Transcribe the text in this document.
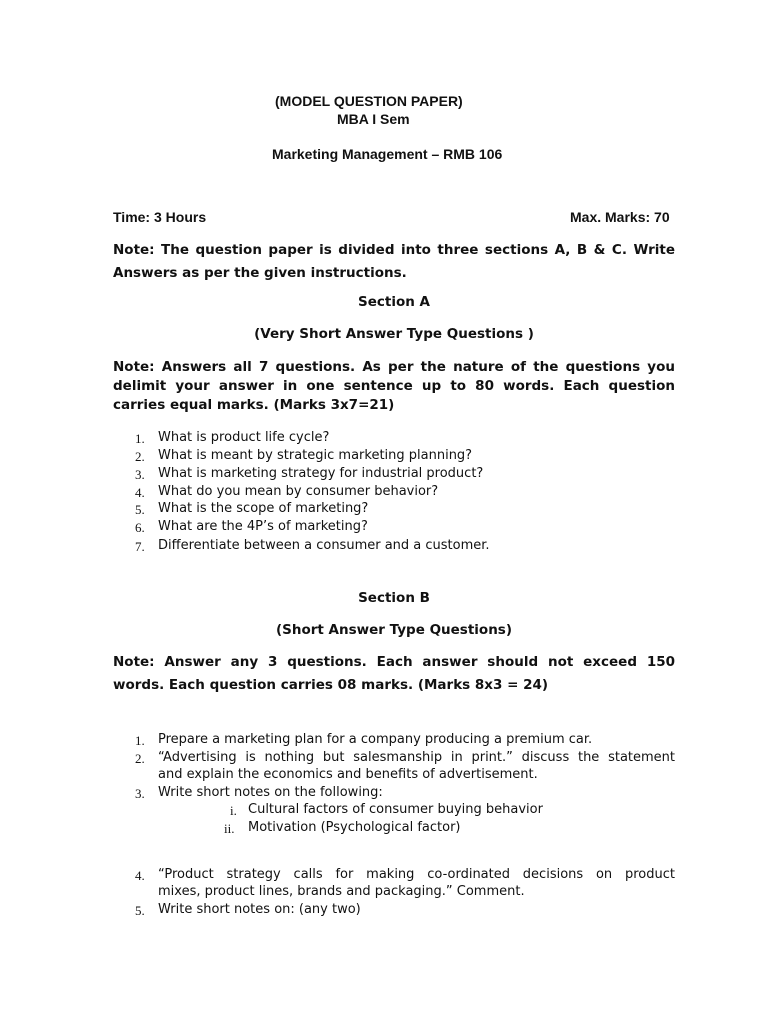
(MODEL QUESTION PAPER)
MBA I Sem
Marketing Management – RMB 106
Time: 3 Hours	Max. Marks: 70
Note: The question paper is divided into three sections A, B & C. Write
Answers as per the given instructions.
Section A
(Very Short Answer Type Questions )
Note: Answers all 7 questions. As per the nature of the questions you
delimit your answer in one sentence up to 80 words. Each question
carries equal marks. (Marks 3x7=21)
1. What is product life cycle?
2. What is meant by strategic marketing planning?
3. What is marketing strategy for industrial product?
4. What do you mean by consumer behavior?
5. What is the scope of marketing?
6. What are the 4P’s of marketing?
7. Differentiate between a consumer and a customer.
Section B
(Short Answer Type Questions)
Note: Answer any 3 questions. Each answer should not exceed 150
words. Each question carries 08 marks. (Marks 8x3 = 24)
1. Prepare a marketing plan for a company producing a premium car.
2. “Advertising is nothing but salesmanship in print.” discuss the statement
and explain the economics and benefits of advertisement.
3. Write short notes on the following:
i. Cultural factors of consumer buying behavior
ii. Motivation (Psychological factor)
4. “Product strategy calls for making co-ordinated decisions on product
mixes, product lines, brands and packaging.” Comment.
5. Write short notes on: (any two)
